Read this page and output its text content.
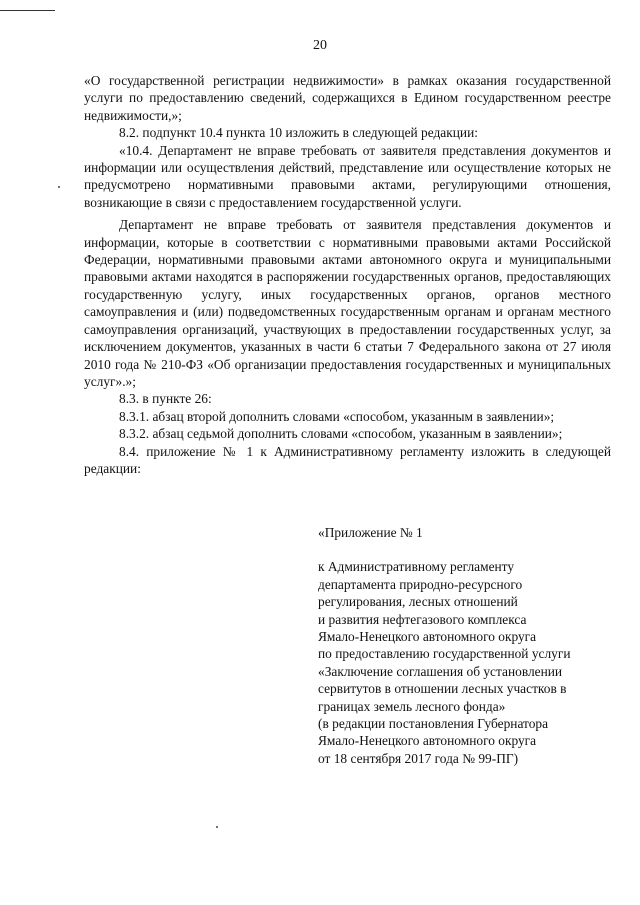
20

«О государственной регистрации недвижимости» в рамках оказания государственной услуги по предоставлению сведений, содержащихся в Едином государственном реестре недвижимости,»;

8.2. подпункт 10.4 пункта 10 изложить в следующей редакции:

«10.4. Департамент не вправе требовать от заявителя представления документов и информации или осуществления действий, представление или осуществление которых не предусмотрено нормативными правовыми актами, регулирующими отношения, возникающие в связи с предоставлением государственной услуги.

Департамент не вправе требовать от заявителя представления документов и информации, которые в соответствии с нормативными правовыми актами Российской Федерации, нормативными правовыми актами автономного округа и муниципальными правовыми актами находятся в распоряжении государственных органов, предоставляющих государственную услугу, иных государственных органов, органов местного самоуправления и (или) подведомственных государственным органам и органам местного самоуправления организаций, участвующих в предоставлении государственных услуг, за исключением документов, указанных в части 6 статьи 7 Федерального закона от 27 июля 2010 года № 210-ФЗ «Об организации предоставления государственных и муниципальных услуг».»;

8.3. в пункте 26:

8.3.1. абзац второй дополнить словами «способом, указанным в заявлении»;

8.3.2. абзац седьмой дополнить словами «способом, указанным в заявлении»;

8.4. приложение № 1 к Административному регламенту изложить в следующей редакции:

«Приложение № 1
к Административному регламенту
департамента природно-ресурсного
регулирования, лесных отношений
и развития нефтегазового комплекса
Ямало-Ненецкого автономного округа
по предоставлению государственной услуги
«Заключение соглашения об установлении
сервитутов в отношении лесных участков в
границах земель лесного фонда»
(в редакции постановления Губернатора
Ямало-Ненецкого автономного округа
от 18 сентября 2017 года № 99-ПГ)
